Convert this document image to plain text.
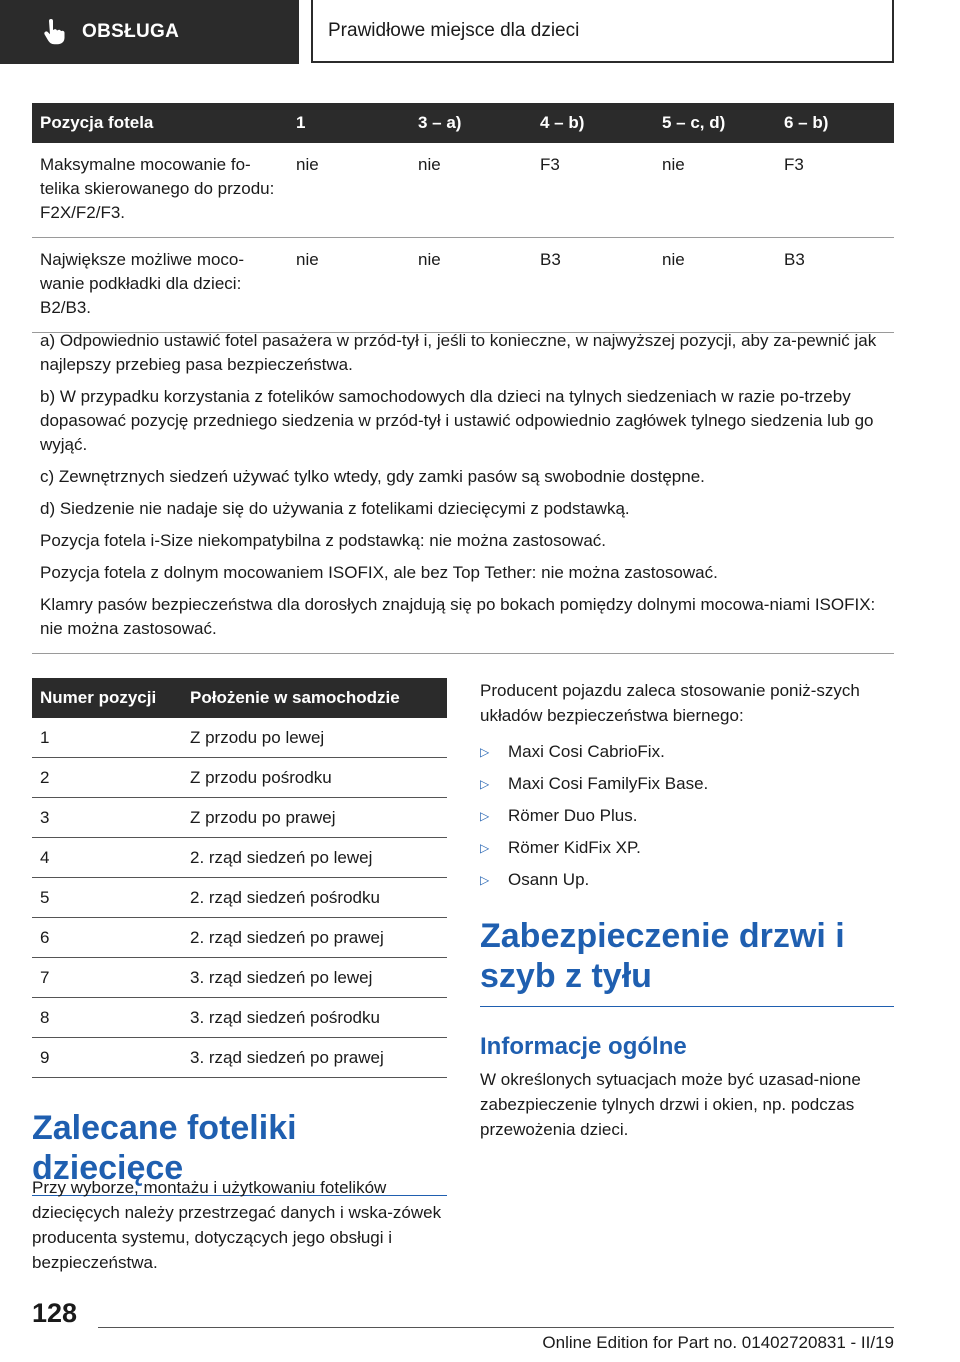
OBSŁUGA	Prawidłowe miejsce dla dzieci
Pozycja fotela	1	3 – a)	4 – b)	5 – c, d)	6 – b)
Maksymalne mocowanie fo-telika skierowanego do przodu: F2X/F2/F3.	nie	nie	F3	nie	F3
Największe możliwe moco-wanie podkładki dla dzieci: B2/B3.	nie	nie	B3	nie	B3

a) Odpowiednio ustawić fotel pasażera w przód-tył i, jeśli to konieczne, w najwyższej pozycji, aby za-pewnić jak najlepszy przebieg pasa bezpieczeństwa.

b) W przypadku korzystania z fotelików samochodowych dla dzieci na tylnych siedzeniach w razie po-trzeby dopasować pozycję przedniego siedzenia w przód-tył i ustawić odpowiednio zagłówek tylnego siedzenia lub go wyjąć.

c) Zewnętrznych siedzeń używać tylko wtedy, gdy zamki pasów są swobodnie dostępne.

d) Siedzenie nie nadaje się do używania z fotelikami dziecięcymi z podstawką.

Pozycja fotela i-Size niekompatybilna z podstawką: nie można zastosować.

Pozycja fotela z dolnym mocowaniem ISOFIX, ale bez Top Tether: nie można zastosować.

Klamry pasów bezpieczeństwa dla dorosłych znajdują się po bokach pomiędzy dolnymi mocowa-niami ISOFIX: nie można zastosować.

Numer pozycji	Położenie w samochodzie
1	Z przodu po lewej
2	Z przodu pośrodku
3	Z przodu po prawej
4	2. rząd siedzeń po lewej
5	2. rząd siedzeń pośrodku
6	2. rząd siedzeń po prawej
7	3. rząd siedzeń po lewej
8	3. rząd siedzeń pośrodku
9	3. rząd siedzeń po prawej
Zalecane foteliki dziecięce

Przy wyborze, montażu i użytkowaniu fotelików dziecięcych należy przestrzegać danych i wska-zówek producenta systemu, dotyczących jego obsługi i bezpieczeństwa.

Producent pojazdu zaleca stosowanie poniż-szych układów bezpieczeństwa biernego:

▷	Maxi Cosi CabrioFix.
▷	Maxi Cosi FamilyFix Base.
▷	Römer Duo Plus.
▷	Römer KidFix XP.
▷	Osann Up.
Zabezpieczenie drzwi i szyb z tyłu
Informacje ogólne

W określonych sytuacjach może być uzasad-nione zabezpieczenie tylnych drzwi i okien, np. podczas przewożenia dzieci.

128
Online Edition for Part no. 01402720831 - II/19
